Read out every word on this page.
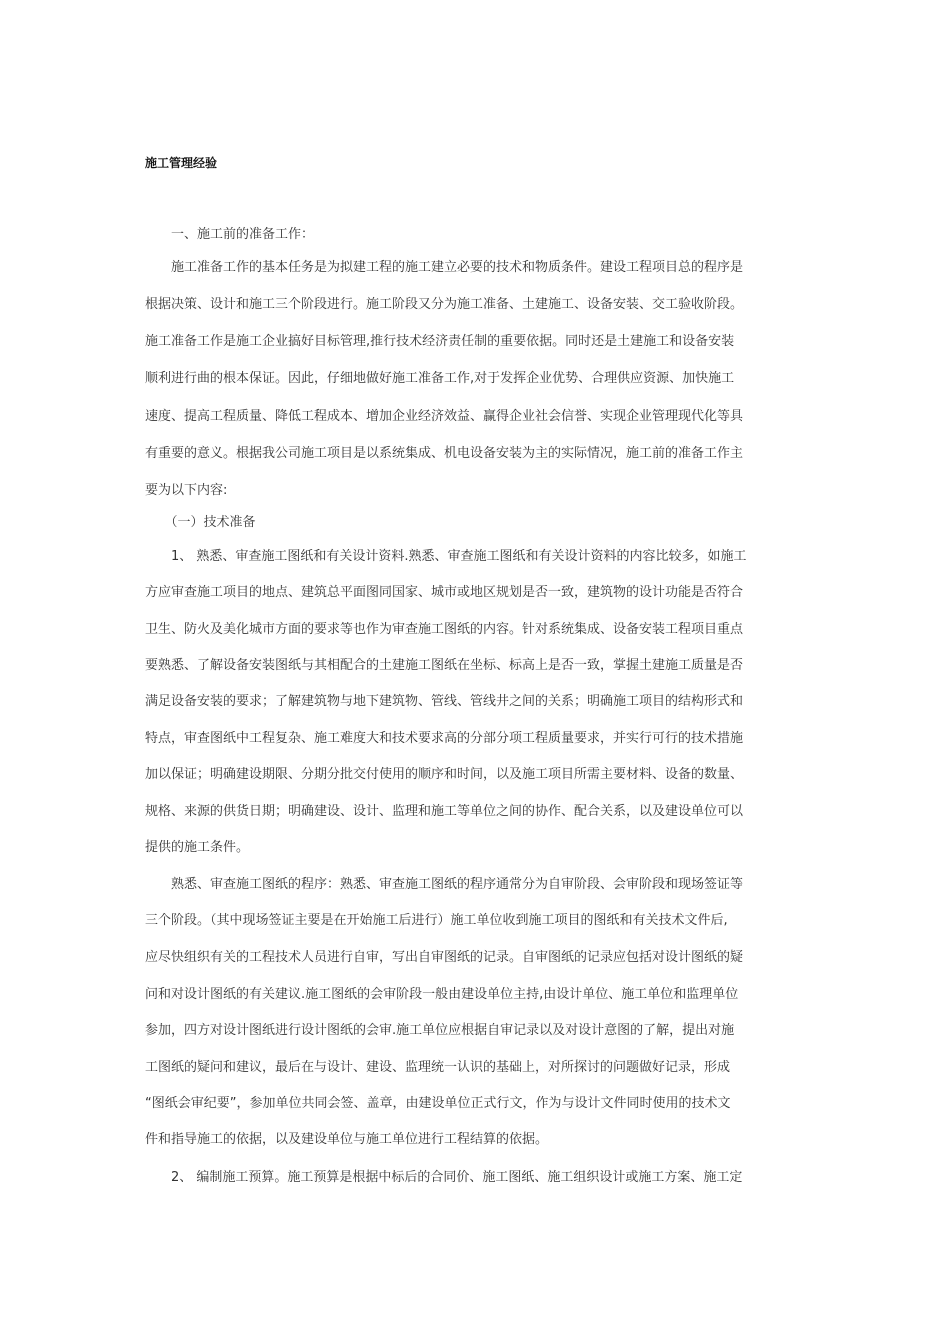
施工管理经验
　　一、施工前的准备工作：
　　施工准备工作的基本任务是为拟建工程的施工建立必要的技术和物质条件。建设工程项目总的程序是
根据决策、设计和施工三个阶段进行。施工阶段又分为施工准备、土建施工、设备安装、交工验收阶段。
施工准备工作是施工企业搞好目标管理,推行技术经济责任制的重要依据。同时还是土建施工和设备安装
顺利进行曲的根本保证。因此，仔细地做好施工准备工作,对于发挥企业优势、合理供应资源、加快施工
速度、提高工程质量、降低工程成本、增加企业经济效益、赢得企业社会信誉、实现企业管理现代化等具
有重要的意义。根据我公司施工项目是以系统集成、机电设备安装为主的实际情况，施工前的准备工作主
要为以下内容:
　　（一）技术准备
　　1、 熟悉、审查施工图纸和有关设计资料.熟悉、审查施工图纸和有关设计资料的内容比较多，如施工
方应审查施工项目的地点、建筑总平面图同国家、城市或地区规划是否一致，建筑物的设计功能是否符合
卫生、防火及美化城市方面的要求等也作为审查施工图纸的内容。针对系统集成、设备安装工程项目重点
要熟悉、了解设备安装图纸与其相配合的土建施工图纸在坐标、标高上是否一致，掌握土建施工质量是否
满足设备安装的要求；了解建筑物与地下建筑物、管线、管线井之间的关系；明确施工项目的结构形式和
特点，审查图纸中工程复杂、施工难度大和技术要求高的分部分项工程质量要求，并实行可行的技术措施
加以保证；明确建设期限、分期分批交付使用的顺序和时间，以及施工项目所需主要材料、设备的数量、
规格、来源的供货日期；明确建设、设计、监理和施工等单位之间的协作、配合关系，以及建设单位可以
提供的施工条件。
　　熟悉、审查施工图纸的程序：熟悉、审查施工图纸的程序通常分为自审阶段、会审阶段和现场签证等
三个阶段。（其中现场签证主要是在开始施工后进行）施工单位收到施工项目的图纸和有关技术文件后,
应尽快组织有关的工程技术人员进行自审，写出自审图纸的记录。自审图纸的记录应包括对设计图纸的疑
问和对设计图纸的有关建议.施工图纸的会审阶段一般由建设单位主持,由设计单位、施工单位和监理单位
参加，四方对设计图纸进行设计图纸的会审.施工单位应根据自审记录以及对设计意图的了解，提出对施
工图纸的疑问和建议，最后在与设计、建设、监理统一认识的基础上，对所探讨的问题做好记录，形成
“图纸会审纪要”，参加单位共同会签、盖章，由建设单位正式行文，作为与设计文件同时使用的技术文
件和指导施工的依据，以及建设单位与施工单位进行工程结算的依据。
　　2、 编制施工预算。施工预算是根据中标后的合同价、施工图纸、施工组织设计或施工方案、施工定
